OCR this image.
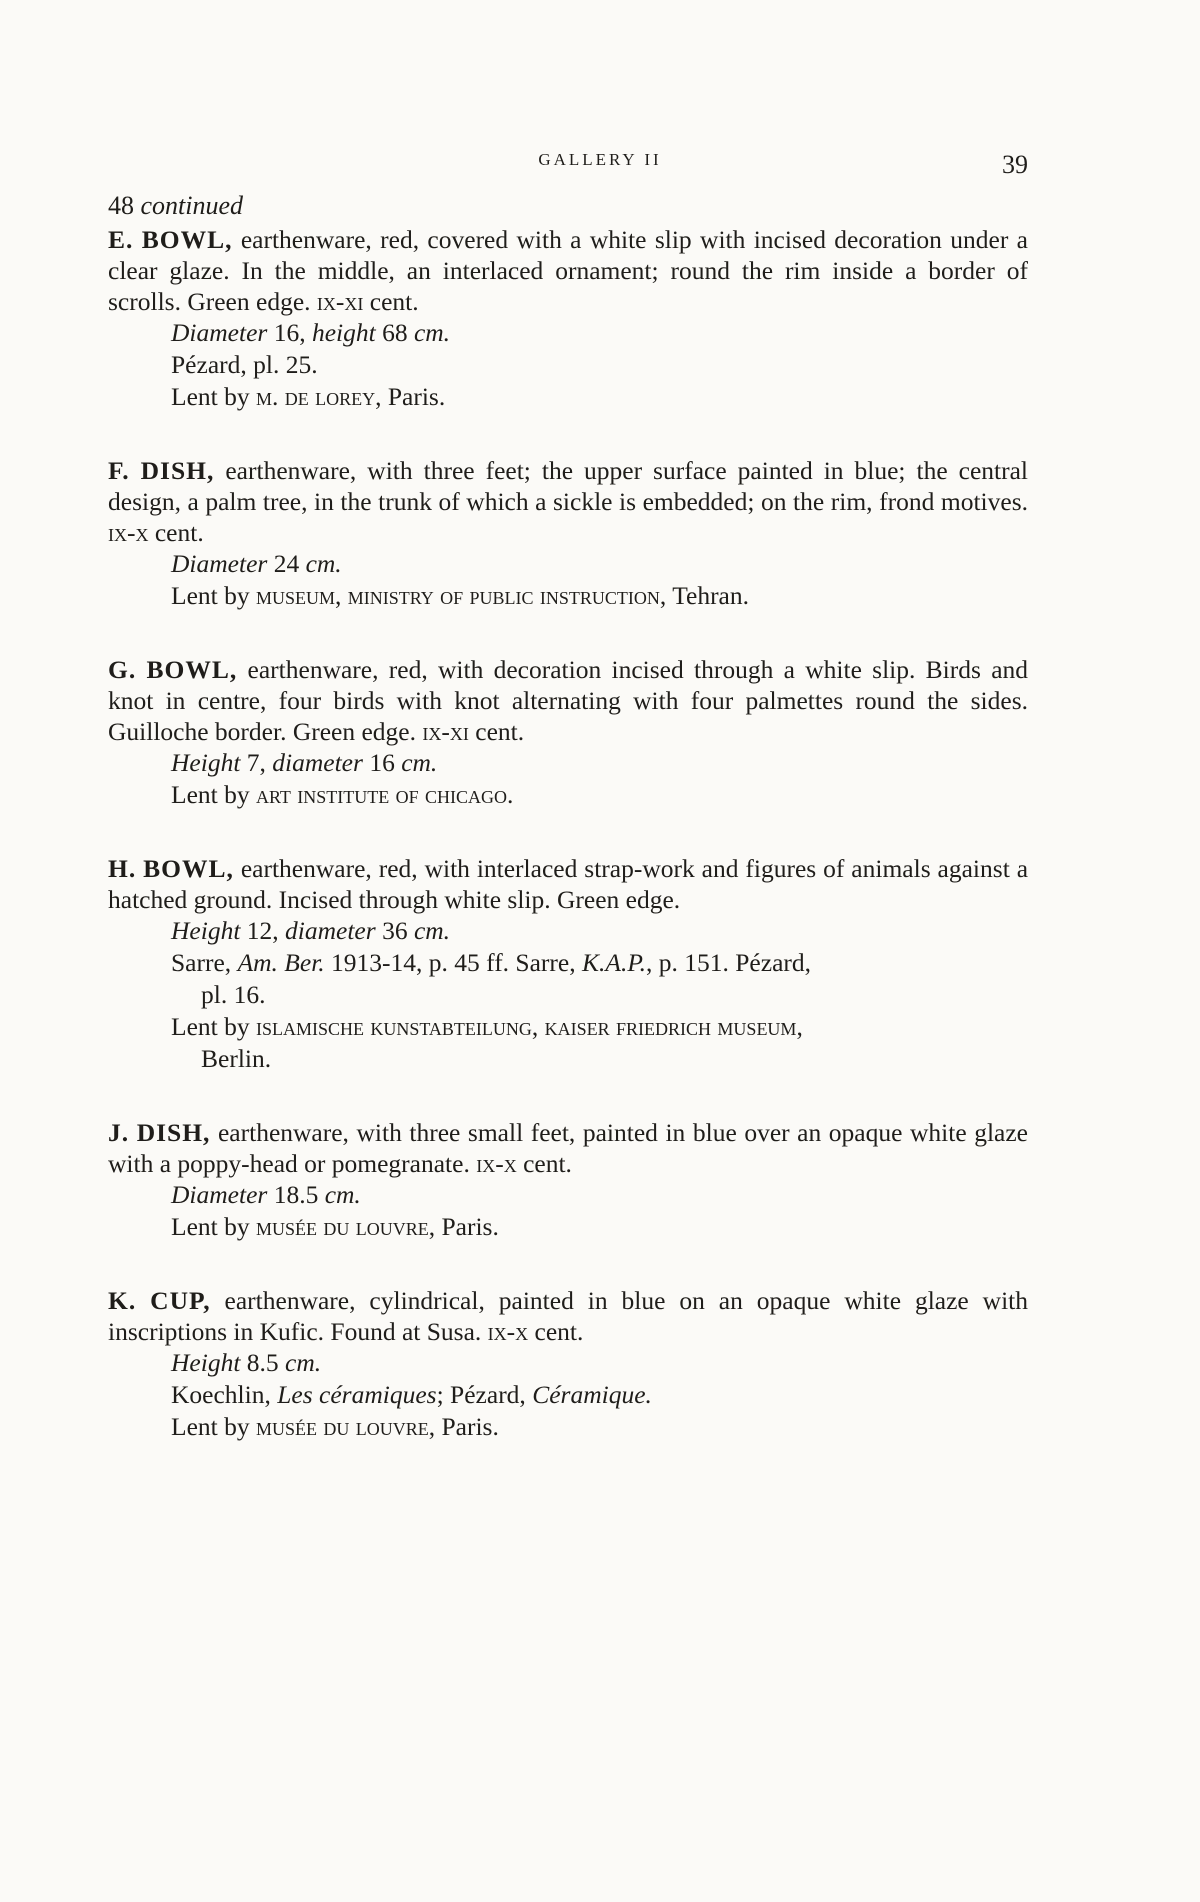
GALLERY II	39

48 continued

E. BOWL, earthenware, red, covered with a white slip with incised decoration under a clear glaze. In the middle, an interlaced ornament; round the rim inside a border of scrolls. Green edge. ix-xi cent.

Diameter 16, height 68 cm.

Pézard, pl. 25.

Lent by m. de lorey, Paris.

F. DISH, earthenware, with three feet; the upper surface painted in blue; the central design, a palm tree, in the trunk of which a sickle is embedded; on the rim, frond motives. ix-x cent.

Diameter 24 cm.

Lent by museum, ministry of public instruction, Tehran.

G. BOWL, earthenware, red, with decoration incised through a white slip. Birds and knot in centre, four birds with knot alternating with four palmettes round the sides. Guilloche border. Green edge. ix-xi cent.

Height 7, diameter 16 cm.

Lent by art institute of chicago.

H. BOWL, earthenware, red, with interlaced strap-work and figures of animals against a hatched ground. Incised through white slip. Green edge.

Height 12, diameter 36 cm.

Sarre, Am. Ber. 1913-14, p. 45 ff. Sarre, K.A.P., p. 151. Pézard,
pl. 16.

Lent by islamische kunstabteilung, kaiser friedrich museum,
Berlin.

J. DISH, earthenware, with three small feet, painted in blue over an opaque white glaze with a poppy-head or pomegranate. ix-x cent.

Diameter 18.5 cm.

Lent by musée du louvre, Paris.

K. CUP, earthenware, cylindrical, painted in blue on an opaque white glaze with inscriptions in Kufic. Found at Susa. ix-x cent.

Height 8.5 cm.

Koechlin, Les céramiques; Pézard, Céramique.

Lent by musée du louvre, Paris.
